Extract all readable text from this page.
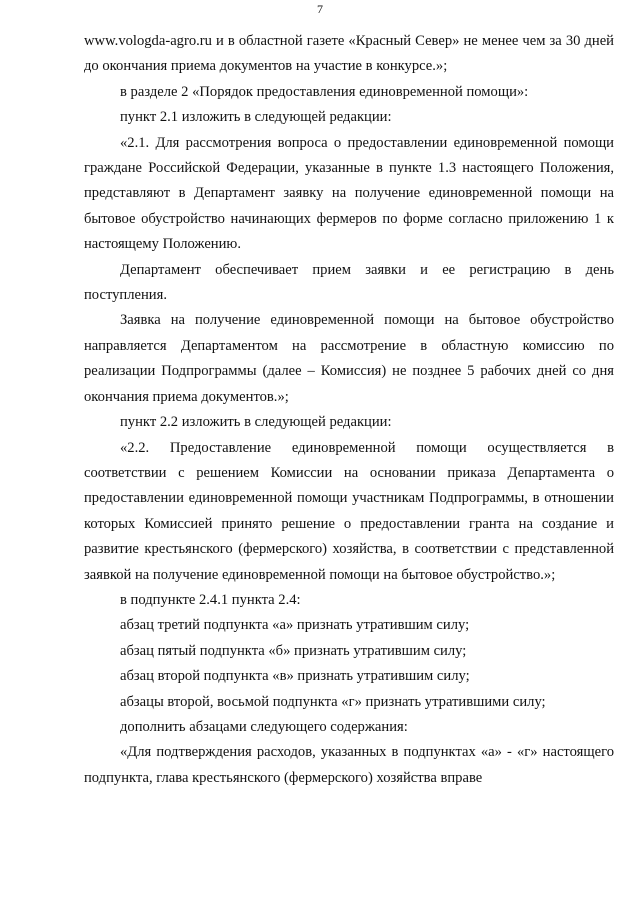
7

www.vologda-agro.ru и в областной газете «Красный Север» не менее чем за 30 дней до окончания приема документов на участие в конкурсе.»;

в разделе 2 «Порядок предоставления единовременной помощи»:

пункт 2.1 изложить в следующей редакции:

«2.1. Для рассмотрения вопроса о предоставлении единовременной помощи граждане Российской Федерации, указанные в пункте 1.3 настоящего Положения, представляют в Департамент заявку на получение единовременной помощи на бытовое обустройство начинающих фермеров по форме согласно приложению 1 к настоящему Положению.

Департамент обеспечивает прием заявки и ее регистрацию в день поступления.

Заявка на получение единовременной помощи на бытовое обустройство направляется Департаментом на рассмотрение в областную комиссию по реализации Подпрограммы (далее – Комиссия) не позднее 5 рабочих дней со дня окончания приема документов.»;

пункт 2.2 изложить в следующей редакции:

«2.2. Предоставление единовременной помощи осуществляется в соответствии с решением Комиссии на основании приказа Департамента о предоставлении единовременной помощи участникам Подпрограммы, в отношении которых Комиссией принято решение о предоставлении гранта на создание и развитие крестьянского (фермерского) хозяйства, в соответствии с представленной заявкой на получение единовременной помощи на бытовое обустройство.»;

в подпункте 2.4.1 пункта 2.4:

абзац третий подпункта «а» признать утратившим силу;

абзац пятый подпункта «б» признать утратившим силу;

абзац второй подпункта «в» признать утратившим силу;

абзацы второй, восьмой подпункта «г» признать утратившими силу;

дополнить абзацами следующего содержания:

«Для подтверждения расходов, указанных в подпунктах «а» - «г» настоящего подпункта, глава крестьянского (фермерского) хозяйства вправе
